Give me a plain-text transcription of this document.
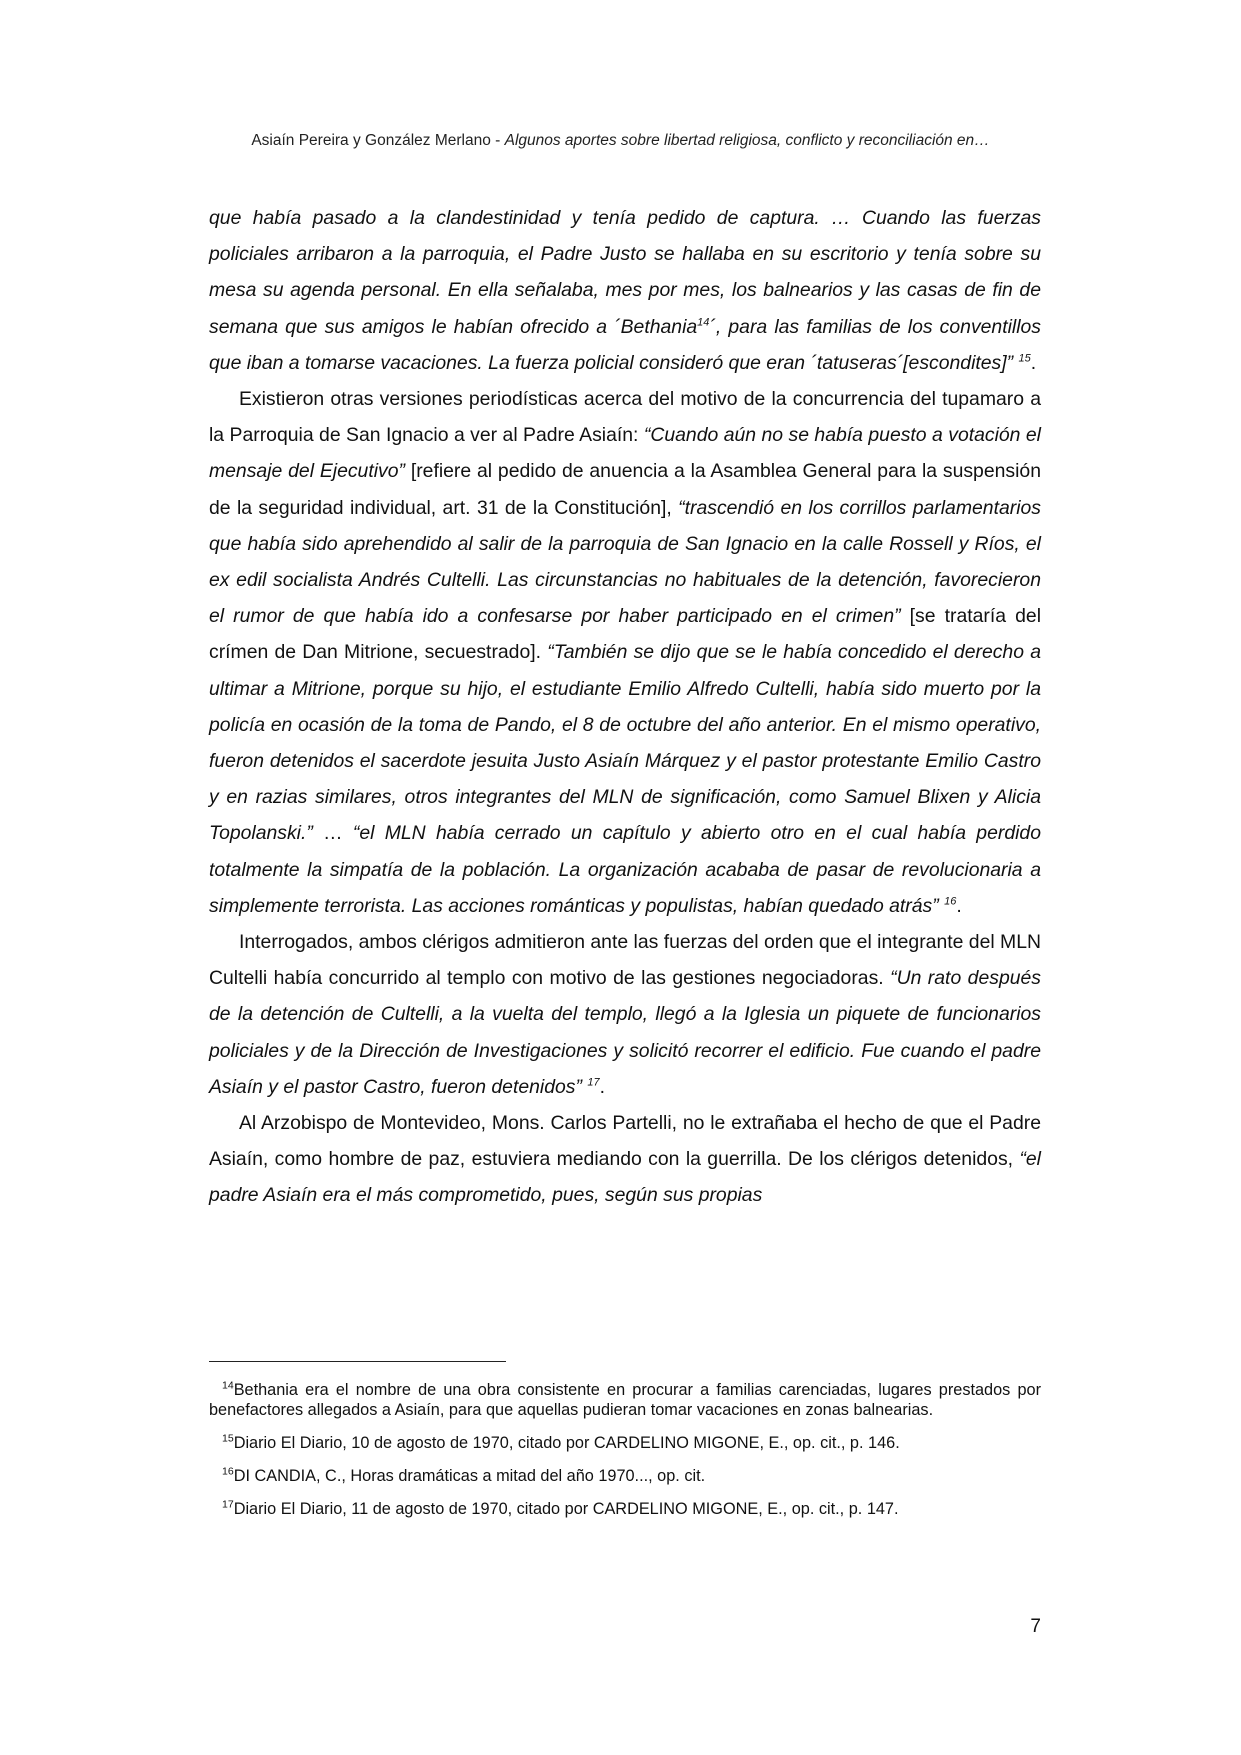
Asiaín Pereira y González Merlano - Algunos aportes sobre libertad religiosa, conflicto y reconciliación en…

que había pasado a la clandestinidad y tenía pedido de captura. … Cuando las fuerzas policiales arribaron a la parroquia, el Padre Justo se hallaba en su escritorio y tenía sobre su mesa su agenda personal. En ella señalaba, mes por mes, los balnearios y las casas de fin de semana que sus amigos le habían ofrecido a ´Bethania$^{14}$´, para las familias de los conventillos que iban a tomarse vacaciones. La fuerza policial consideró que eran ´tatuseras´[escondites]” $^{15}$.

Existieron otras versiones periodísticas acerca del motivo de la concurrencia del tupamaro a la Parroquia de San Ignacio a ver al Padre Asiaín: “Cuando aún no se había puesto a votación el mensaje del Ejecutivo” [refiere al pedido de anuencia a la Asamblea General para la suspensión de la seguridad individual, art. 31 de la Constitución], “trascendió en los corrillos parlamentarios que había sido aprehendido al salir de la parroquia de San Ignacio en la calle Rossell y Ríos, el ex edil socialista Andrés Cultelli. Las circunstancias no habituales de la detención, favorecieron el rumor de que había ido a confesarse por haber participado en el crimen” [se trataría del crímen de Dan Mitrione, secuestrado]. “También se dijo que se le había concedido el derecho a ultimar a Mitrione, porque su hijo, el estudiante Emilio Alfredo Cultelli, había sido muerto por la policía en ocasión de la toma de Pando, el 8 de octubre del año anterior. En el mismo operativo, fueron detenidos el sacerdote jesuita Justo Asiaín Márquez y el pastor protestante Emilio Castro y en razias similares, otros integrantes del MLN de significación, como Samuel Blixen y Alicia Topolanski.” … “el MLN había cerrado un capítulo y abierto otro en el cual había perdido totalmente la simpatía de la población. La organización acababa de pasar de revolucionaria a simplemente terrorista. Las acciones románticas y populistas, habían quedado atrás” $^{16}$.

Interrogados, ambos clérigos admitieron ante las fuerzas del orden que el integrante del MLN Cultelli había concurrido al templo con motivo de las gestiones negociadoras. “Un rato después de la detención de Cultelli, a la vuelta del templo, llegó a la Iglesia un piquete de funcionarios policiales y de la Dirección de Investigaciones y solicitó recorrer el edificio. Fue cuando el padre Asiaín y el pastor Castro, fueron detenidos” $^{17}$.

Al Arzobispo de Montevideo, Mons. Carlos Partelli, no le extrañaba el hecho de que el Padre Asiaín, como hombre de paz, estuviera mediando con la guerrilla. De los clérigos detenidos, “el padre Asiaín era el más comprometido, pues, según sus propias

$^{14}$Bethania era el nombre de una obra consistente en procurar a familias carenciadas, lugares prestados por benefactores allegados a Asiaín, para que aquellas pudieran tomar vacaciones en zonas balnearias.

$^{15}$Diario El Diario, 10 de agosto de 1970, citado por CARDELINO MIGONE, E., op. cit., p. 146.

$^{16}$DI CANDIA, C., Horas dramáticas a mitad del año 1970..., op. cit.

$^{17}$Diario El Diario, 11 de agosto de 1970, citado por CARDELINO MIGONE, E., op. cit., p. 147.

7
